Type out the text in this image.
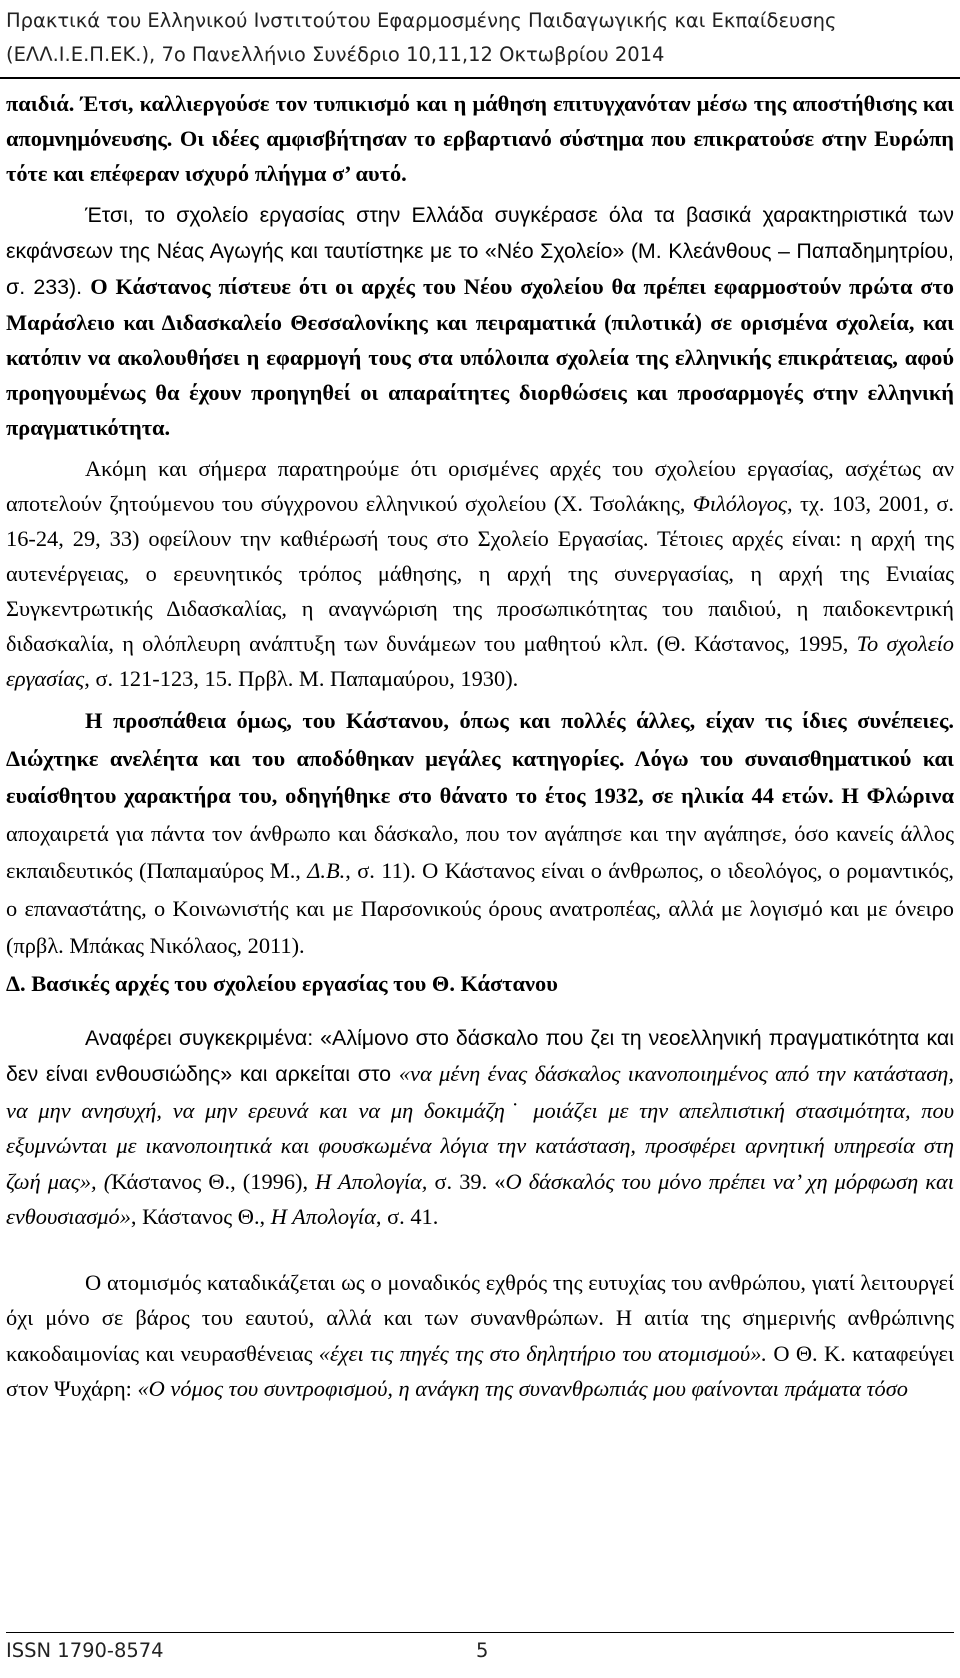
Πρακτικά του Ελληνικού Ινστιτούτου Εφαρμοσμένης Παιδαγωγικής και Εκπαίδευσης
(ΕΛΛ.Ι.Ε.Π.ΕΚ.), 7ο Πανελλήνιο Συνέδριο 10,11,12 Οκτωβρίου 2014

παιδιά. Έτσι, καλλιεργούσε τον τυπικισμό και η μάθηση επιτυγχανόταν μέσω της αποστήθισης και απομνημόνευσης. Οι ιδέες αμφισβήτησαν το ερβαρτιανό σύστημα που επικρατούσε στην Ευρώπη τότε και επέφεραν ισχυρό πλήγμα σ’ αυτό.

Έτσι, το σχολείο εργασίας στην Ελλάδα συγκέρασε όλα τα βασικά χαρακτηριστικά των εκφάνσεων της Νέας Αγωγής και ταυτίστηκε με το «Νέο Σχολείο» (Μ. Κλεάνθους – Παπαδημητρίου, σ. 233). Ο Κάστανος πίστευε ότι οι αρχές του Νέου σχολείου θα πρέπει εφαρμοστούν πρώτα στο Μαράσλειο και Διδασκαλείο Θεσσαλονίκης και πειραματικά (πιλοτικά) σε ορισμένα σχολεία, και κατόπιν να ακολουθήσει η εφαρμογή τους στα υπόλοιπα σχολεία της ελληνικής επικράτειας, αφού προηγουμένως θα έχουν προηγηθεί οι απαραίτητες διορθώσεις και προσαρμογές στην ελληνική πραγματικότητα.

Ακόμη και σήμερα παρατηρούμε ότι ορισμένες αρχές του σχολείου εργασίας, ασχέτως αν αποτελούν ζητούμενου του σύγχρονου ελληνικού σχολείου (Χ. Τσολάκης, Φιλόλογος, τχ. 103, 2001, σ. 16-24, 29, 33) οφείλουν την καθιέρωσή τους στο Σχολείο Εργασίας. Τέτοιες αρχές είναι: η αρχή της αυτενέργειας, ο ερευνητικός τρόπος μάθησης, η αρχή της συνεργασίας, η αρχή της Ενιαίας Συγκεντρωτικής Διδασκαλίας, η αναγνώριση της προσωπικότητας του παιδιού, η παιδοκεντρική διδασκαλία, η ολόπλευρη ανάπτυξη των δυνάμεων του μαθητού κλπ. (Θ. Κάστανος, 1995, Το σχολείο εργασίας, σ. 121-123, 15. Πρβλ. Μ. Παπαμαύρου, 1930).

Η προσπάθεια όμως, του Κάστανου, όπως και πολλές άλλες, είχαν τις ίδιες συνέπειες. Διώχτηκε ανελέητα και του αποδόθηκαν μεγάλες κατηγορίες. Λόγω του συναισθηματικού και ευαίσθητου χαρακτήρα του, οδηγήθηκε στο θάνατο το έτος 1932, σε ηλικία 44 ετών. Η Φλώρινα αποχαιρετά για πάντα τον άνθρωπο και δάσκαλο, που τον αγάπησε και την αγάπησε, όσο κανείς άλλος εκπαιδευτικός (Παπαμαύρος Μ., Δ.Β., σ. 11). Ο Κάστανος είναι ο άνθρωπος, ο ιδεολόγος, ο ρομαντικός, ο επαναστάτης, ο Κοινωνιστής και με Παρσονικούς όρους ανατροπέας, αλλά με λογισμό και με όνειρο (πρβλ. Μπάκας Νικόλαος, 2011).

Δ. Βασικές αρχές του σχολείου εργασίας του Θ. Κάστανου

Αναφέρει συγκεκριμένα: «Αλίμονο στο δάσκαλο που ζει τη νεοελληνική πραγματικότητα και δεν είναι ενθουσιώδης» και αρκείται στο «να μένη ένας δάσκαλος ικανοποιημένος από την κατάσταση, να μην ανησυχή, να μην ερευνά και να μη δοκιμάζη˙ μοιάζει με την απελπιστική στασιμότητα, που εξυμνώνται με ικανοποιητικά και φουσκωμένα λόγια την κατάσταση, προσφέρει αρνητική υπηρεσία στη ζωή μας», (Κάστανος Θ., (1996), Η Απολογία, σ. 39. «Ο δάσκαλός του μόνο πρέπει να’ χη μόρφωση και ενθουσιασμό», Κάστανος Θ., Η Απολογία, σ. 41.

Ο ατομισμός καταδικάζεται ως ο μοναδικός εχθρός της ευτυχίας του ανθρώπου, γιατί λειτουργεί όχι μόνο σε βάρος του εαυτού, αλλά και των συνανθρώπων. Η αιτία της σημερινής ανθρώπινης κακοδαιμονίας και νευρασθένειας «έχει τις πηγές της στο δηλητήριο του ατομισμού». Ο Θ. Κ. καταφεύγει στον Ψυχάρη: «Ο νόμος του συντροφισμού, η ανάγκη της συνανθρωπιάς μου φαίνονται πράματα τόσο

ISSN 1790-8574	5
